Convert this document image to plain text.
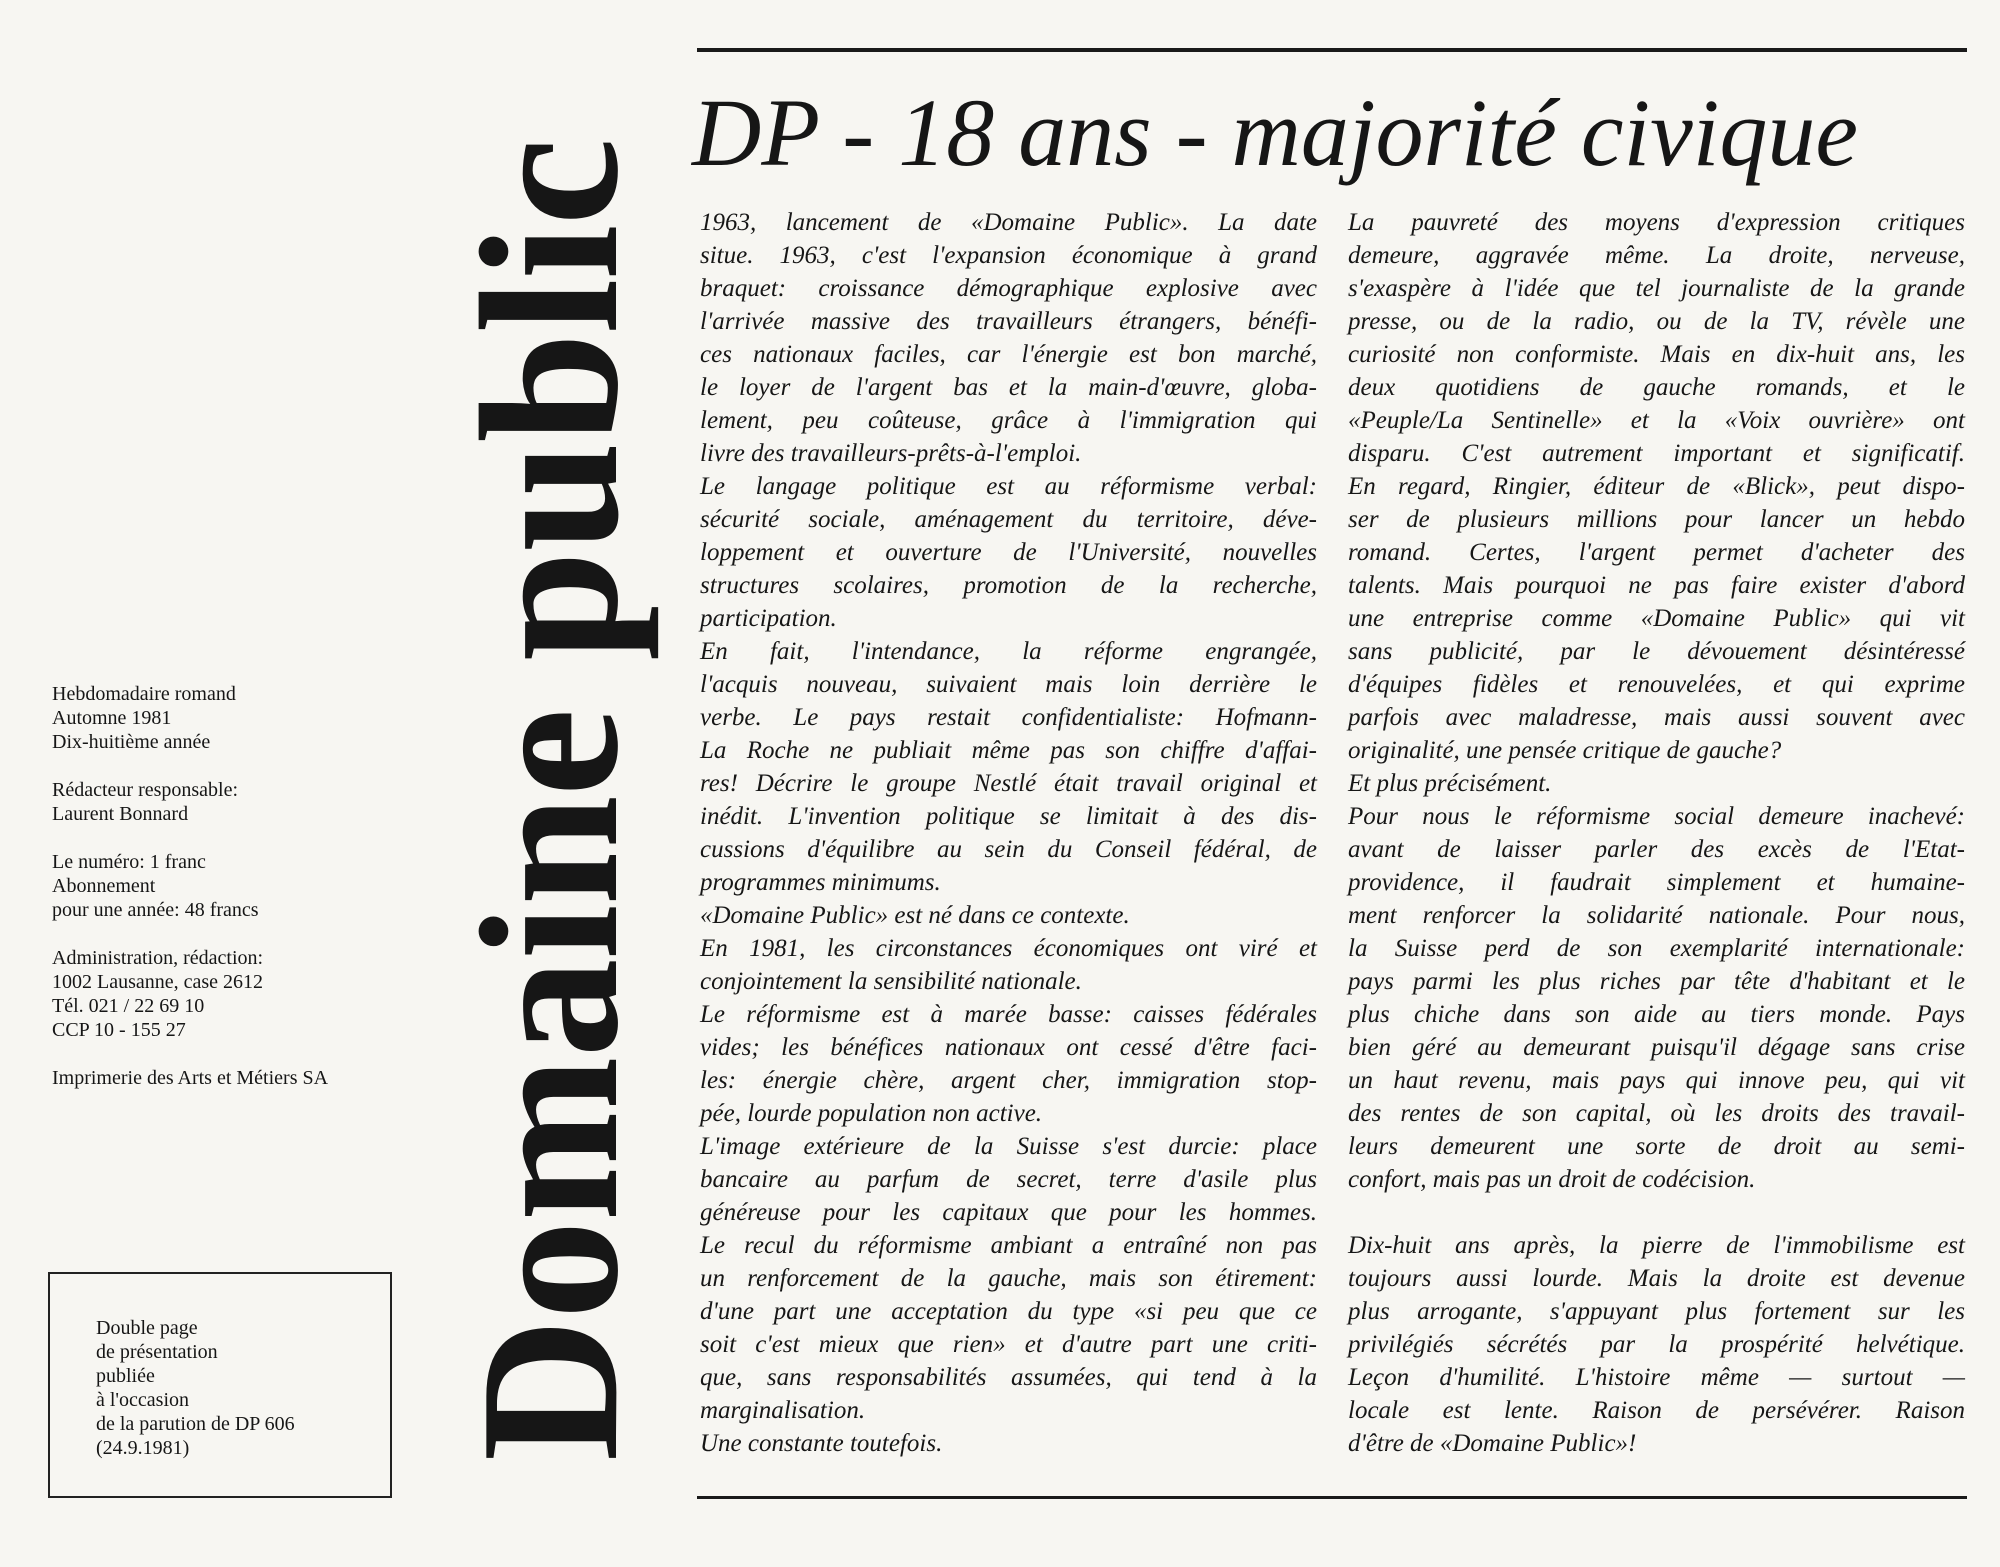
Domaine public

Hebdomadaire romand
Automne 1981
Dix-huitième année

Rédacteur responsable:
Laurent Bonnard

Le numéro: 1 franc
Abonnement
pour une année: 48 francs

Administration, rédaction:
1002 Lausanne, case 2612
Tél. 021 / 22 69 10
CCP 10 - 155 27

Imprimerie des Arts et Métiers SA

Double page
de présentation
publiée
à l'occasion
de la parution de DP 606
(24.9.1981)
DP - 18 ans - majorité civique
1963, lancement de «Domaine Public». La date
situe. 1963, c'est l'expansion économique à grand
braquet: croissance démographique explosive avec
l'arrivée massive des travailleurs étrangers, bénéfi-
ces nationaux faciles, car l'énergie est bon marché,
le loyer de l'argent bas et la main-d'œuvre, globa-
lement, peu coûteuse, grâce à l'immigration qui
livre des travailleurs-prêts-à-l'emploi.
Le langage politique est au réformisme verbal:
sécurité sociale, aménagement du territoire, déve-
loppement et ouverture de l'Université, nouvelles
structures scolaires, promotion de la recherche,
participation.
En fait, l'intendance, la réforme engrangée,
l'acquis nouveau, suivaient mais loin derrière le
verbe. Le pays restait confidentialiste: Hofmann-
La Roche ne publiait même pas son chiffre d'affai-
res! Décrire le groupe Nestlé était travail original et
inédit. L'invention politique se limitait à des dis-
cussions d'équilibre au sein du Conseil fédéral, de
programmes minimums.
«Domaine Public» est né dans ce contexte.
En 1981, les circonstances économiques ont viré et
conjointement la sensibilité nationale.
Le réformisme est à marée basse: caisses fédérales
vides; les bénéfices nationaux ont cessé d'être faci-
les: énergie chère, argent cher, immigration stop-
pée, lourde population non active.
L'image extérieure de la Suisse s'est durcie: place
bancaire au parfum de secret, terre d'asile plus
généreuse pour les capitaux que pour les hommes.
Le recul du réformisme ambiant a entraîné non pas
un renforcement de la gauche, mais son étirement:
d'une part une acceptation du type «si peu que ce
soit c'est mieux que rien» et d'autre part une criti-
que, sans responsabilités assumées, qui tend à la
marginalisation.
Une constante toutefois.
La pauvreté des moyens d'expression critiques
demeure, aggravée même. La droite, nerveuse,
s'exaspère à l'idée que tel journaliste de la grande
presse, ou de la radio, ou de la TV, révèle une
curiosité non conformiste. Mais en dix-huit ans, les
deux quotidiens de gauche romands, et le
«Peuple/La Sentinelle» et la «Voix ouvrière» ont
disparu. C'est autrement important et significatif.
En regard, Ringier, éditeur de «Blick», peut dispo-
ser de plusieurs millions pour lancer un hebdo
romand. Certes, l'argent permet d'acheter des
talents. Mais pourquoi ne pas faire exister d'abord
une entreprise comme «Domaine Public» qui vit
sans publicité, par le dévouement désintéressé
d'équipes fidèles et renouvelées, et qui exprime
parfois avec maladresse, mais aussi souvent avec
originalité, une pensée critique de gauche?
Et plus précisément.
Pour nous le réformisme social demeure inachevé:
avant de laisser parler des excès de l'Etat-
providence, il faudrait simplement et humaine-
ment renforcer la solidarité nationale. Pour nous,
la Suisse perd de son exemplarité internationale:
pays parmi les plus riches par tête d'habitant et le
plus chiche dans son aide au tiers monde. Pays
bien géré au demeurant puisqu'il dégage sans crise
un haut revenu, mais pays qui innove peu, qui vit
des rentes de son capital, où les droits des travail-
leurs demeurent une sorte de droit au semi-
confort, mais pas un droit de codécision.
Dix-huit ans après, la pierre de l'immobilisme est
toujours aussi lourde. Mais la droite est devenue
plus arrogante, s'appuyant plus fortement sur les
privilégiés sécrétés par la prospérité helvétique.
Leçon d'humilité. L'histoire même — surtout —
locale est lente. Raison de persévérer. Raison
d'être de «Domaine Public»!
